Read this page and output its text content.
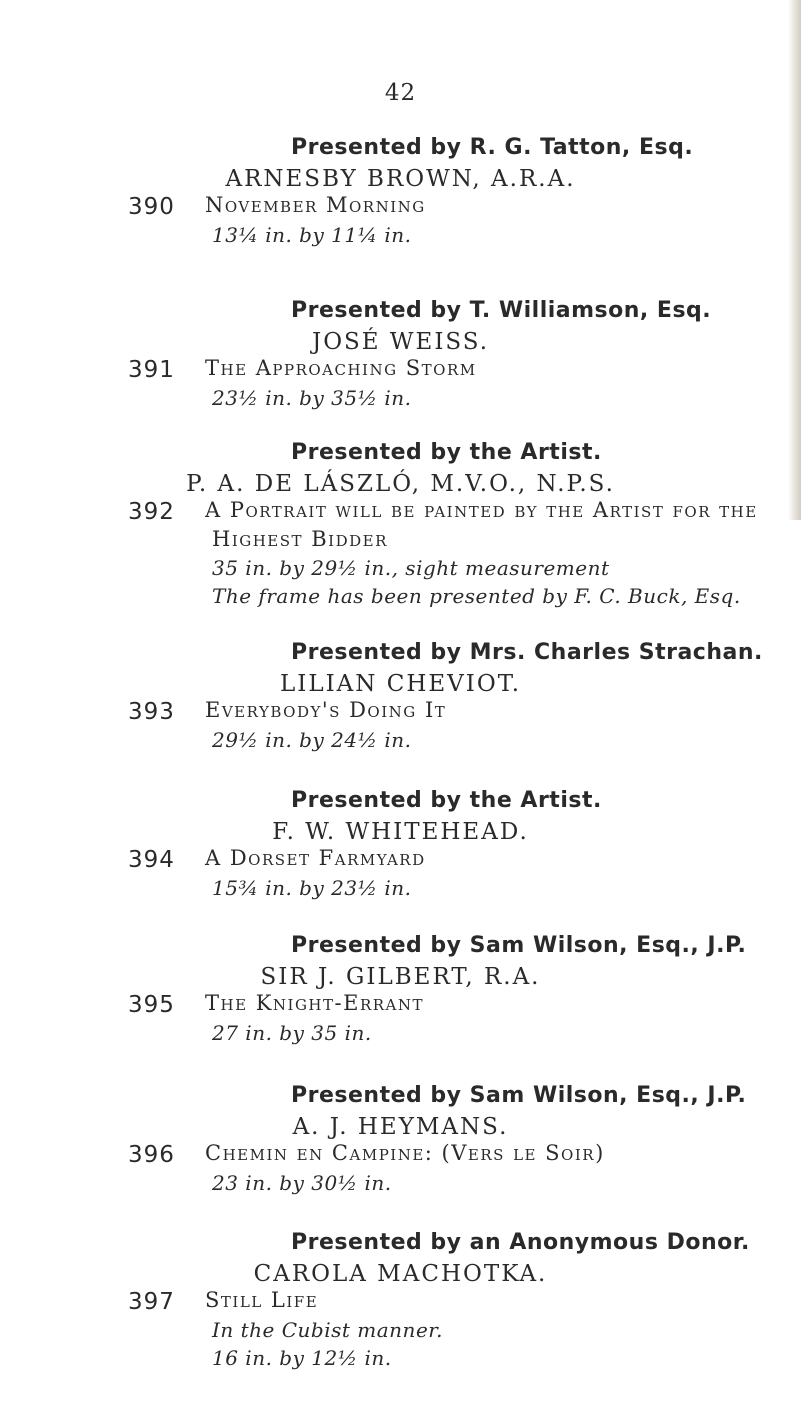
42
Presented by R. G. Tatton, Esq.
ARNESBY BROWN, A.R.A.
390 November Morning
13¼ in. by 11¼ in.
Presented by T. Williamson, Esq.
JOSÉ WEISS.
391 The Approaching Storm
23½ in. by 35½ in.
Presented by the Artist.
P. A. DE LÁSZLÓ, M.V.O., N.P.S.
392 A Portrait will be painted by the Artist for the
Highest Bidder
35 in. by 29½ in., sight measurement
The frame has been presented by F. C. Buck, Esq.
Presented by Mrs. Charles Strachan.
LILIAN CHEVIOT.
393 Everybody's Doing It
29½ in. by 24½ in.
Presented by the Artist.
F. W. WHITEHEAD.
394 A Dorset Farmyard
15¾ in. by 23½ in.
Presented by Sam Wilson, Esq., J.P.
SIR J. GILBERT, R.A.
395 The Knight-Errant
27 in. by 35 in.
Presented by Sam Wilson, Esq., J.P.
A. J. HEYMANS.
396 Chemin en Campine: (Vers le Soir)
23 in. by 30½ in.
Presented by an Anonymous Donor.
CAROLA MACHOTKA.
397 Still Life
In the Cubist manner.
16 in. by 12½ in.
